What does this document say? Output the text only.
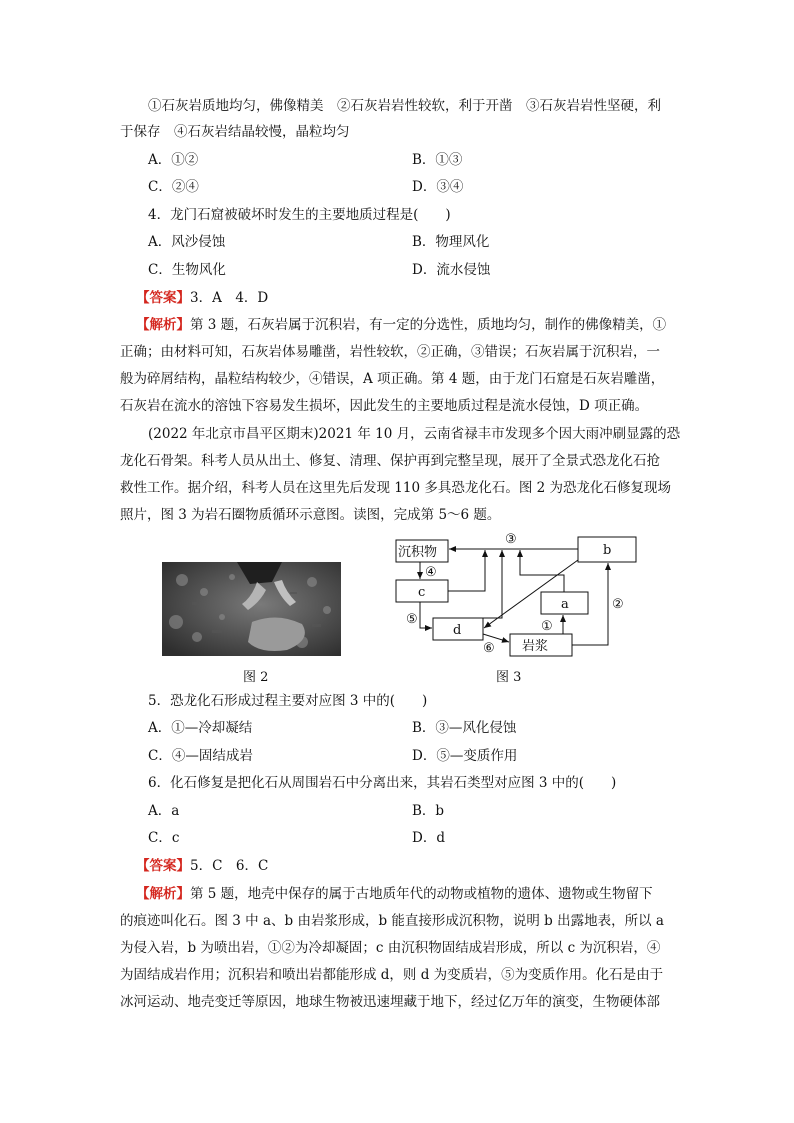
①石灰岩质地均匀，佛像精美　②石灰岩岩性较软，利于开凿　③石灰岩岩性坚硬，利
于保存　④石灰岩结晶较慢，晶粒均匀
A．①②	B．①③
C．②④	D．③④
4．龙门石窟被破坏时发生的主要地质过程是(　　)
A．风沙侵蚀	B．物理风化
C．生物风化	D．流水侵蚀
【答案】3．A　4．D
【解析】第 3 题，石灰岩属于沉积岩，有一定的分选性，质地均匀，制作的佛像精美，①
正确；由材料可知，石灰岩体易雕凿，岩性较软，②正确，③错误；石灰岩属于沉积岩，一
般为碎屑结构，晶粒结构较少，④错误，A 项正确。第 4 题，由于龙门石窟是石灰岩雕凿，
石灰岩在流水的溶蚀下容易发生损坏，因此发生的主要地质过程是流水侵蚀，D 项正确。
(2022 年北京市昌平区期末)2021 年 10 月，云南省禄丰市发现多个因大雨冲刷显露的恐
龙化石骨架。科考人员从出土、修复、清理、保护再到完整呈现，展开了全景式恐龙化石抢
救性工作。据介绍，科考人员在这里先后发现 110 多具恐龙化石。图 2 为恐龙化石修复现场
照片，图 3 为岩石圈物质循环示意图。读图，完成第 5～6 题。
图 2
沉积物	b
c
a
d
岩浆
③
④
⑤
⑥
①
②
图 3
5．恐龙化石形成过程主要对应图 3 中的(　　)
A．①—冷却凝结	B．③—风化侵蚀
C．④—固结成岩	D．⑤—变质作用
6．化石修复是把化石从周围岩石中分离出来，其岩石类型对应图 3 中的(　　)
A．a	B．b
C．c	D．d
【答案】5．C　6．C
【解析】第 5 题，地壳中保存的属于古地质年代的动物或植物的遗体、遗物或生物留下
的痕迹叫化石。图 3 中 a、b 由岩浆形成，b 能直接形成沉积物，说明 b 出露地表，所以 a
为侵入岩，b 为喷出岩，①②为冷却凝固；c 由沉积物固结成岩形成，所以 c 为沉积岩，④
为固结成岩作用；沉积岩和喷出岩都能形成 d，则 d 为变质岩，⑤为变质作用。化石是由于
冰河运动、地壳变迁等原因，地球生物被迅速埋藏于地下，经过亿万年的演变，生物硬体部
